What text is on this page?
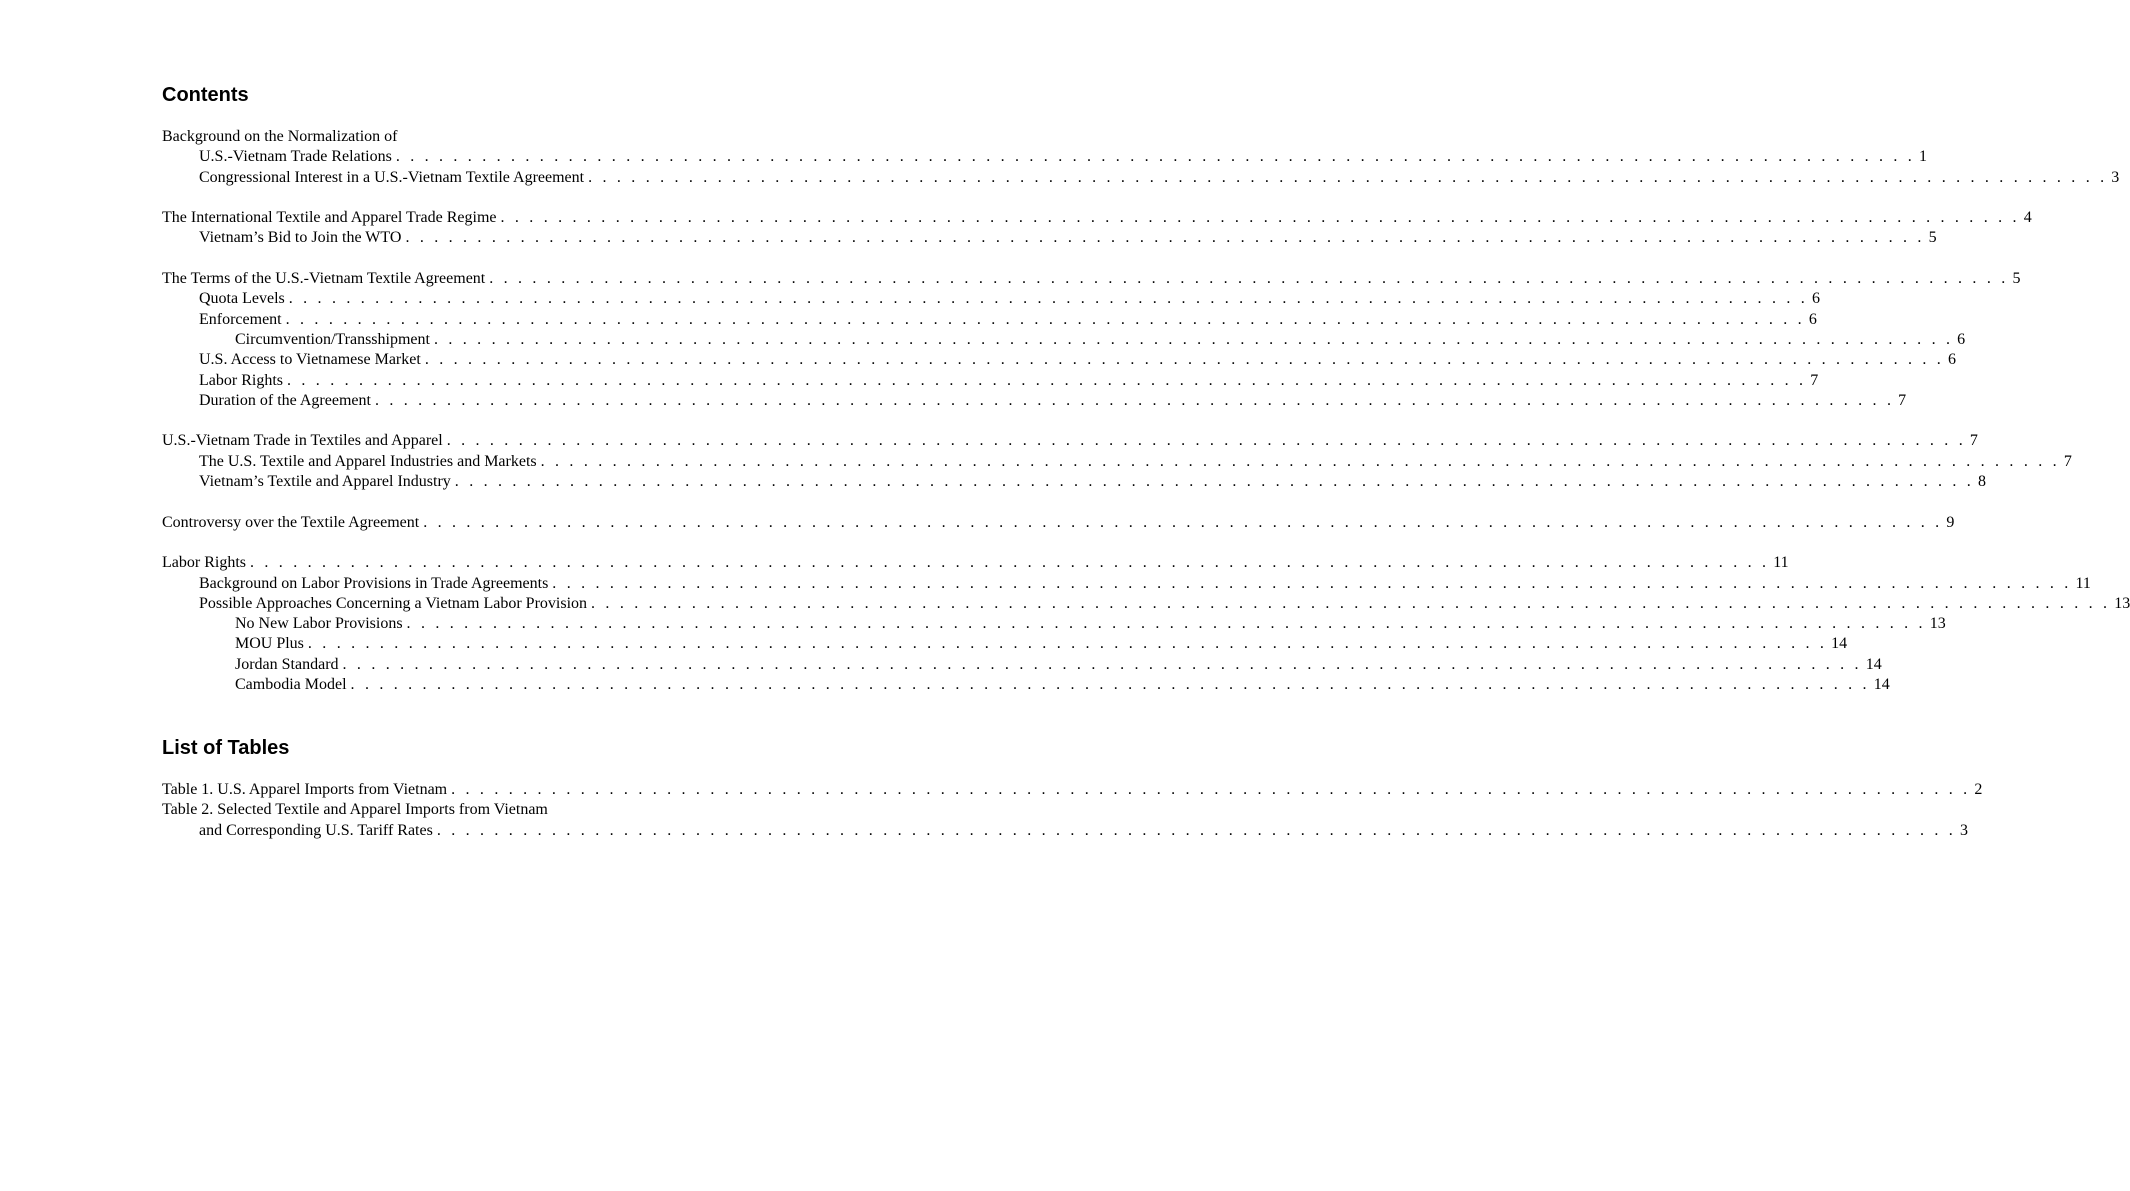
Contents
Background on the Normalization of
U.S.-Vietnam Trade Relations . . . . . . . . . . . . . . . . . . . . . . . . . . . . . . . . . . . . . . . . . . . . . . . . . . . . . . . . . . . . . . . . . . . . . . . . . . . . . . . . . . . . . . . . . . . . . . . . . . . . . . . . . . 1
Congressional Interest in a U.S.-Vietnam Textile Agreement . . . . . . . . . . . . . . . . . . . . . . . . . . . . . . . . . . . . . . . . . . . . . . . . . . . . . . . . . . . . . . . . . . . . . . . . . . . . . . . . . . . . . . . . . . . . . . . . . . . . . . . . . . 3
The International Textile and Apparel Trade Regime . . . . . . . . . . . . . . . . . . . . . . . . . . . . . . . . . . . . . . . . . . . . . . . . . . . . . . . . . . . . . . . . . . . . . . . . . . . . . . . . . . . . . . . . . . . . . . . . . . . . . . . . . . 4
Vietnam’s Bid to Join the WTO . . . . . . . . . . . . . . . . . . . . . . . . . . . . . . . . . . . . . . . . . . . . . . . . . . . . . . . . . . . . . . . . . . . . . . . . . . . . . . . . . . . . . . . . . . . . . . . . . . . . . . . . . . 5
The Terms of the U.S.-Vietnam Textile Agreement . . . . . . . . . . . . . . . . . . . . . . . . . . . . . . . . . . . . . . . . . . . . . . . . . . . . . . . . . . . . . . . . . . . . . . . . . . . . . . . . . . . . . . . . . . . . . . . . . . . . . . . . . . 5
Quota Levels . . . . . . . . . . . . . . . . . . . . . . . . . . . . . . . . . . . . . . . . . . . . . . . . . . . . . . . . . . . . . . . . . . . . . . . . . . . . . . . . . . . . . . . . . . . . . . . . . . . . . . . . . . 6
Enforcement . . . . . . . . . . . . . . . . . . . . . . . . . . . . . . . . . . . . . . . . . . . . . . . . . . . . . . . . . . . . . . . . . . . . . . . . . . . . . . . . . . . . . . . . . . . . . . . . . . . . . . . . . . 6
Circumvention/Transshipment . . . . . . . . . . . . . . . . . . . . . . . . . . . . . . . . . . . . . . . . . . . . . . . . . . . . . . . . . . . . . . . . . . . . . . . . . . . . . . . . . . . . . . . . . . . . . . . . . . . . . . . . . . 6
U.S. Access to Vietnamese Market . . . . . . . . . . . . . . . . . . . . . . . . . . . . . . . . . . . . . . . . . . . . . . . . . . . . . . . . . . . . . . . . . . . . . . . . . . . . . . . . . . . . . . . . . . . . . . . . . . . . . . . . . . 6
Labor Rights . . . . . . . . . . . . . . . . . . . . . . . . . . . . . . . . . . . . . . . . . . . . . . . . . . . . . . . . . . . . . . . . . . . . . . . . . . . . . . . . . . . . . . . . . . . . . . . . . . . . . . . . . . 7
Duration of the Agreement . . . . . . . . . . . . . . . . . . . . . . . . . . . . . . . . . . . . . . . . . . . . . . . . . . . . . . . . . . . . . . . . . . . . . . . . . . . . . . . . . . . . . . . . . . . . . . . . . . . . . . . . . . 7
U.S.-Vietnam Trade in Textiles and Apparel . . . . . . . . . . . . . . . . . . . . . . . . . . . . . . . . . . . . . . . . . . . . . . . . . . . . . . . . . . . . . . . . . . . . . . . . . . . . . . . . . . . . . . . . . . . . . . . . . . . . . . . . . . 7
The U.S. Textile and Apparel Industries and Markets . . . . . . . . . . . . . . . . . . . . . . . . . . . . . . . . . . . . . . . . . . . . . . . . . . . . . . . . . . . . . . . . . . . . . . . . . . . . . . . . . . . . . . . . . . . . . . . . . . . . . . . . . . 7
Vietnam’s Textile and Apparel Industry . . . . . . . . . . . . . . . . . . . . . . . . . . . . . . . . . . . . . . . . . . . . . . . . . . . . . . . . . . . . . . . . . . . . . . . . . . . . . . . . . . . . . . . . . . . . . . . . . . . . . . . . . . 8
Controversy over the Textile Agreement . . . . . . . . . . . . . . . . . . . . . . . . . . . . . . . . . . . . . . . . . . . . . . . . . . . . . . . . . . . . . . . . . . . . . . . . . . . . . . . . . . . . . . . . . . . . . . . . . . . . . . . . . . 9
Labor Rights . . . . . . . . . . . . . . . . . . . . . . . . . . . . . . . . . . . . . . . . . . . . . . . . . . . . . . . . . . . . . . . . . . . . . . . . . . . . . . . . . . . . . . . . . . . . . . . . . . . . . . . . . . 11
Background on Labor Provisions in Trade Agreements . . . . . . . . . . . . . . . . . . . . . . . . . . . . . . . . . . . . . . . . . . . . . . . . . . . . . . . . . . . . . . . . . . . . . . . . . . . . . . . . . . . . . . . . . . . . . . . . . . . . . . . . . . 11
Possible Approaches Concerning a Vietnam Labor Provision . . . . . . . . . . . . . . . . . . . . . . . . . . . . . . . . . . . . . . . . . . . . . . . . . . . . . . . . . . . . . . . . . . . . . . . . . . . . . . . . . . . . . . . . . . . . . . . . . . . . . . . . . . 13
No New Labor Provisions . . . . . . . . . . . . . . . . . . . . . . . . . . . . . . . . . . . . . . . . . . . . . . . . . . . . . . . . . . . . . . . . . . . . . . . . . . . . . . . . . . . . . . . . . . . . . . . . . . . . . . . . . . 13
MOU Plus . . . . . . . . . . . . . . . . . . . . . . . . . . . . . . . . . . . . . . . . . . . . . . . . . . . . . . . . . . . . . . . . . . . . . . . . . . . . . . . . . . . . . . . . . . . . . . . . . . . . . . . . . . 14
Jordan Standard . . . . . . . . . . . . . . . . . . . . . . . . . . . . . . . . . . . . . . . . . . . . . . . . . . . . . . . . . . . . . . . . . . . . . . . . . . . . . . . . . . . . . . . . . . . . . . . . . . . . . . . . . . 14
Cambodia Model . . . . . . . . . . . . . . . . . . . . . . . . . . . . . . . . . . . . . . . . . . . . . . . . . . . . . . . . . . . . . . . . . . . . . . . . . . . . . . . . . . . . . . . . . . . . . . . . . . . . . . . . . . 14
List of Tables
Table 1. U.S. Apparel Imports from Vietnam . . . . . . . . . . . . . . . . . . . . . . . . . . . . . . . . . . . . . . . . . . . . . . . . . . . . . . . . . . . . . . . . . . . . . . . . . . . . . . . . . . . . . . . . . . . . . . . . . . . . . . . . . . 2
Table 2. Selected Textile and Apparel Imports from Vietnam
and Corresponding U.S. Tariff Rates . . . . . . . . . . . . . . . . . . . . . . . . . . . . . . . . . . . . . . . . . . . . . . . . . . . . . . . . . . . . . . . . . . . . . . . . . . . . . . . . . . . . . . . . . . . . . . . . . . . . . . . . . . 3
